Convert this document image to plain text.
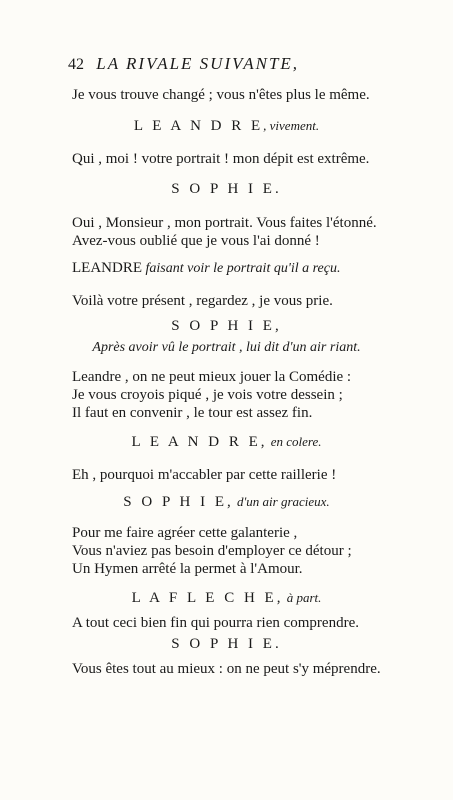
42 LA RIVALE SUIVANTE,
Je vous trouve changé ; vous n'êtes plus le même.
L E A N D R E, vivement.
Qui , moi ! votre portrait ! mon dépit est extrême.
S O P H I E.
Oui , Monsieur , mon portrait. Vous faites l'étonné.
Avez-vous oublié que je vous l'ai donné !
LEANDRE faisant voir le portrait qu'il a reçu.
Voilà votre présent , regardez , je vous prie.
S O P H I E,
Après avoir vû le portrait , lui dit d'un air riant.
Leandre , on ne peut mieux jouer la Comédie :
Je vous croyois piqué , je vois votre dessein ;
Il faut en convenir , le tour est assez fin.
L E A N D R E, en colere.
Eh , pourquoi m'accabler par cette raillerie !
S O P H I E, d'un air gracieux.
Pour me faire agréer cette galanterie ,
Vous n'aviez pas besoin d'employer ce détour ;
Un Hymen arrêté la permet à l'Amour.
L A F L E C H E, à part.
A tout ceci bien fin qui pourra rien comprendre.
S O P H I E.
Vous êtes tout au mieux : on ne peut s'y méprendre.
